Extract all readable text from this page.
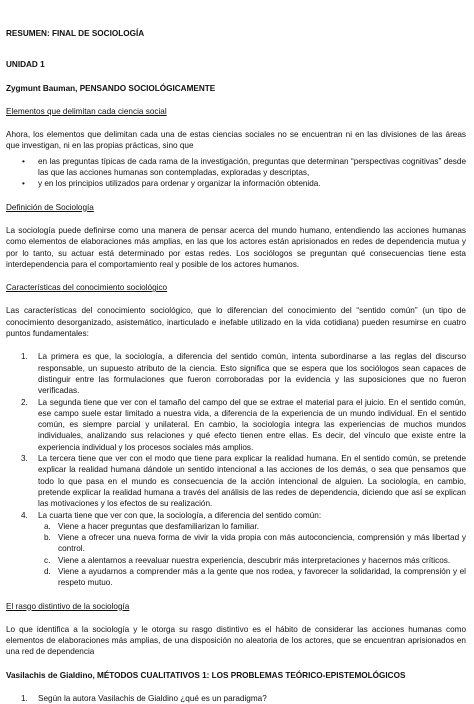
RESUMEN: FINAL DE SOCIOLOGÍA
UNIDAD 1
Zygmunt Bauman, PENSANDO SOCIOLÓGICAMENTE
Elementos que delimitan cada ciencia social

Ahora, los elementos que delimitan cada una de estas ciencias sociales no se encuentran ni en las divisiones de las áreas que investigan, ni en las propias prácticas, sino que

• en las preguntas típicas de cada rama de la investigación, preguntas que determinan “perspectivas cognitivas” desde las que las acciones humanas son contempladas, exploradas y descriptas,
• y en los principios utilizados para ordenar y organizar la información obtenida.
Definición de Sociología

La sociología puede definirse como una manera de pensar acerca del mundo humano, entendiendo las acciones humanas como elementos de elaboraciones más amplias, en las que los actores están aprisionados en redes de dependencia mutua y por lo tanto, su actuar está determinado por estas redes. Los sociólogos se preguntan qué consecuencias tiene esta interdependencia para el comportamiento real y posible de los actores humanos.

Características del conocimiento sociológico

Las características del conocimiento sociológico, que lo diferencian del conocimiento del “sentido común” (un tipo de conocimiento desorganizado, asistemático, inarticulado e inefable utilizado en la vida cotidiana) pueden resumirse en cuatro puntos fundamentales:

1. La primera es que, la sociología, a diferencia del sentido común, intenta subordinarse a las reglas del discurso responsable, un supuesto atributo de la ciencia. Esto significa que se espera que los sociólogos sean capaces de distinguir entre las formulaciones que fueron corroboradas por la evidencia y las suposiciones que no fueron verificadas.
2. La segunda tiene que ver con el tamaño del campo del que se extrae el material para el juicio. En el sentido común, ese campo suele estar limitado a nuestra vida, a diferencia de la experiencia de un mundo individual. En el sentido común, es siempre parcial y unilateral. En cambio, la sociología integra las experiencias de muchos mundos individuales, analizando sus relaciones y qué efecto tienen entre ellas. Es decir, del vínculo que existe entre la experiencia individual y los procesos sociales más amplios.
3. La tercera tiene que ver con el modo que tiene para explicar la realidad humana. En el sentido común, se pretende explicar la realidad humana dándole un sentido intencional a las acciones de los demás, o sea que pensamos que todo lo que pasa en el mundo es consecuencia de la acción intencional de alguien. La sociología, en cambio, pretende explicar la realidad humana a través del análisis de las redes de dependencia, diciendo que así se explican las motivaciones y los efectos de su realización.
4. La cuarta tiene que ver con que, la sociología, a diferencia del sentido común:
a. Viene a hacer preguntas que desfamiliarizan lo familiar.
b. Viene a ofrecer una nueva forma de vivir la vida propia con más autoconciencia, comprensión y más libertad y control.
c. Viene a alentarnos a reevaluar nuestra experiencia, descubrir más interpretaciones y hacernos más críticos.
d. Viene a ayudarnos a comprender más a la gente que nos rodea, y favorecer la solidaridad, la comprensión y el respeto mutuo.
El rasgo distintivo de la sociología

Lo que identifica a la sociología y le otorga su rasgo distintivo es el hábito de considerar las acciones humanas como elementos de elaboraciones más amplias, de una disposición no aleatoria de los actores, que se encuentran aprisionados en una red de dependencia

Vasilachis de Gialdino, MÉTODOS CUALITATIVOS 1: LOS PROBLEMAS TEÓRICO-EPISTEMOLÓGICOS
1. Según la autora Vasilachis de Gialdino ¿qué es un paradigma?
